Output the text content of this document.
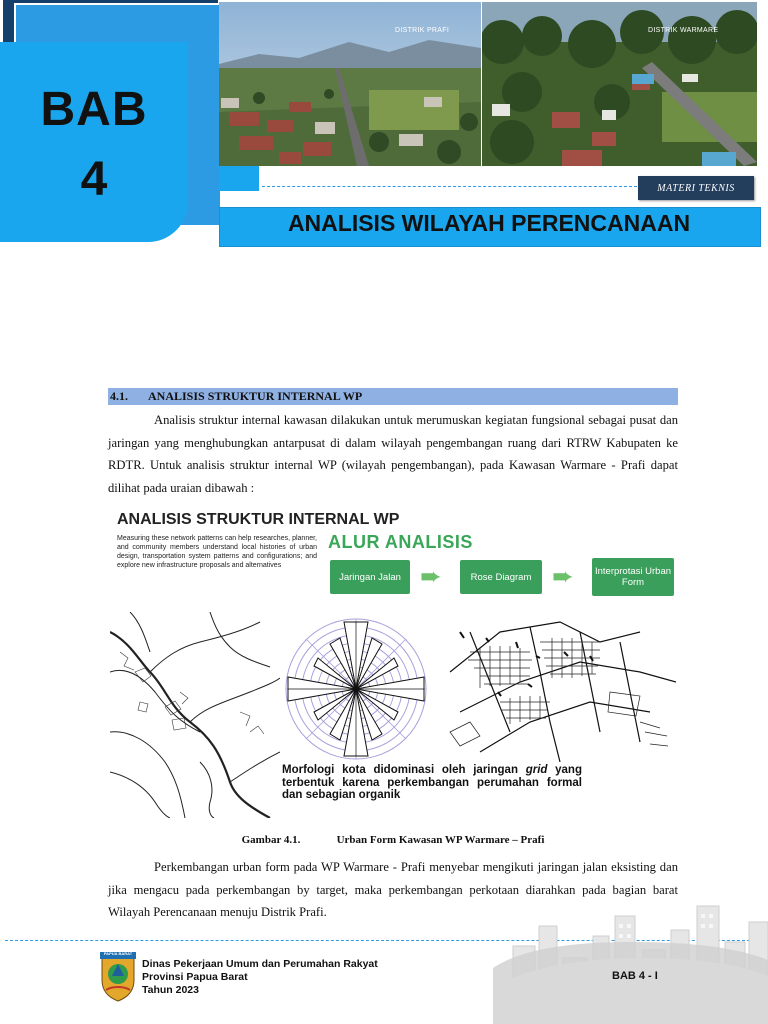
BAB
4
DISTRIK PRAFI	DISTRIK WARMARE
MATERI TEKNIS
ANALISIS WILAYAH PERENCANAAN
4.1. ANALISIS STRUKTUR INTERNAL WP
Analisis struktur internal kawasan dilakukan untuk merumuskan kegiatan fungsional sebagai pusat dan jaringan yang menghubungkan antarpusat di dalam wilayah pengembangan ruang dari RTRW Kabupaten ke RDTR. Untuk analisis struktur internal WP (wilayah pengembangan), pada Kawasan Warmare - Prafi dapat dilihat pada uraian dibawah :
ANALISIS STRUKTUR INTERNAL WP
Measuring these network patterns can help researches, planner, and community members understand local histories of urban design, transportation system patterns and configurations; and explore new infrastructure proposals and alternatives
ALUR ANALISIS
Jaringan Jalan ➨	Rose Diagram ➨	Interprotasi Urban Form
Morfologi kota didominasi oleh jaringan grid yang terbentuk karena perkembangan perumahan formal dan sebagian organik
Gambar 4.1.	Urban Form Kawasan WP Warmare – Prafi
Perkembangan urban form pada WP Warmare - Prafi menyebar mengikuti jaringan jalan eksisting dan jika mengacu pada perkembangan by target, maka perkembangan perkotaan diarahkan pada bagian barat Wilayah Perencanaan menuju Distrik Prafi.
PAPUA BARAT
Dinas Pekerjaan Umum dan Perumahan Rakyat
Provinsi Papua Barat
Tahun 2023
BAB 4 - I
